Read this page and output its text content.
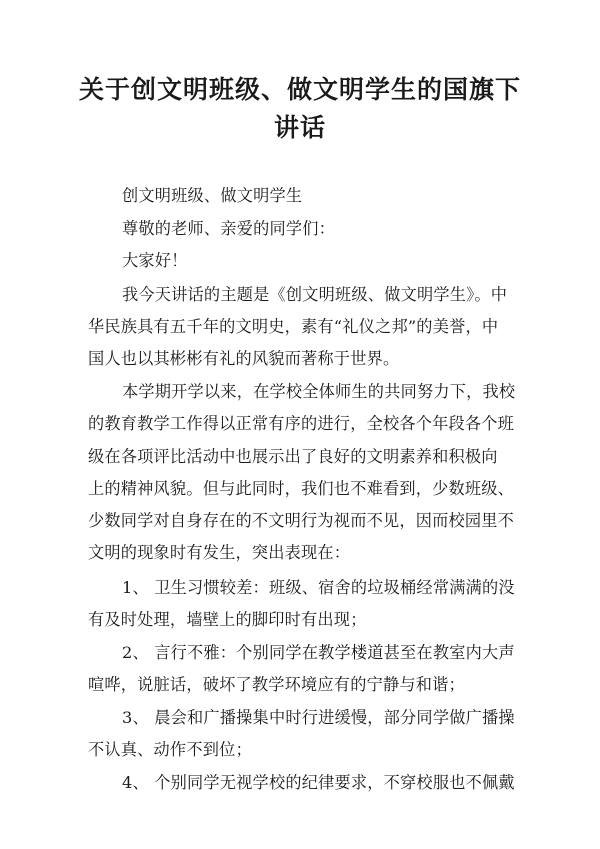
关于创文明班级、做文明学生的国旗下
讲话
创文明班级、做文明学生
尊敬的老师、亲爱的同学们：
大家好！
我今天讲话的主题是《创文明班级、做文明学生》。中
华民族具有五千年的文明史，素有“礼仪之邦”的美誉，中
国人也以其彬彬有礼的风貌而著称于世界。
本学期开学以来，在学校全体师生的共同努力下，我校
的教育教学工作得以正常有序的进行，全校各个年段各个班
级在各项评比活动中也展示出了良好的文明素养和积极向
上的精神风貌。但与此同时，我们也不难看到，少数班级、
少数同学对自身存在的不文明行为视而不见，因而校园里不
文明的现象时有发生，突出表现在：
1、 卫生习惯较差：班级、宿舍的垃圾桶经常满满的没
有及时处理，墙壁上的脚印时有出现；
2、 言行不雅：个别同学在教学楼道甚至在教室内大声
喧哗，说脏话，破坏了教学环境应有的宁静与和谐；
3、 晨会和广播操集中时行进缓慢，部分同学做广播操
不认真、动作不到位；
4、 个别同学无视学校的纪律要求，不穿校服也不佩戴
